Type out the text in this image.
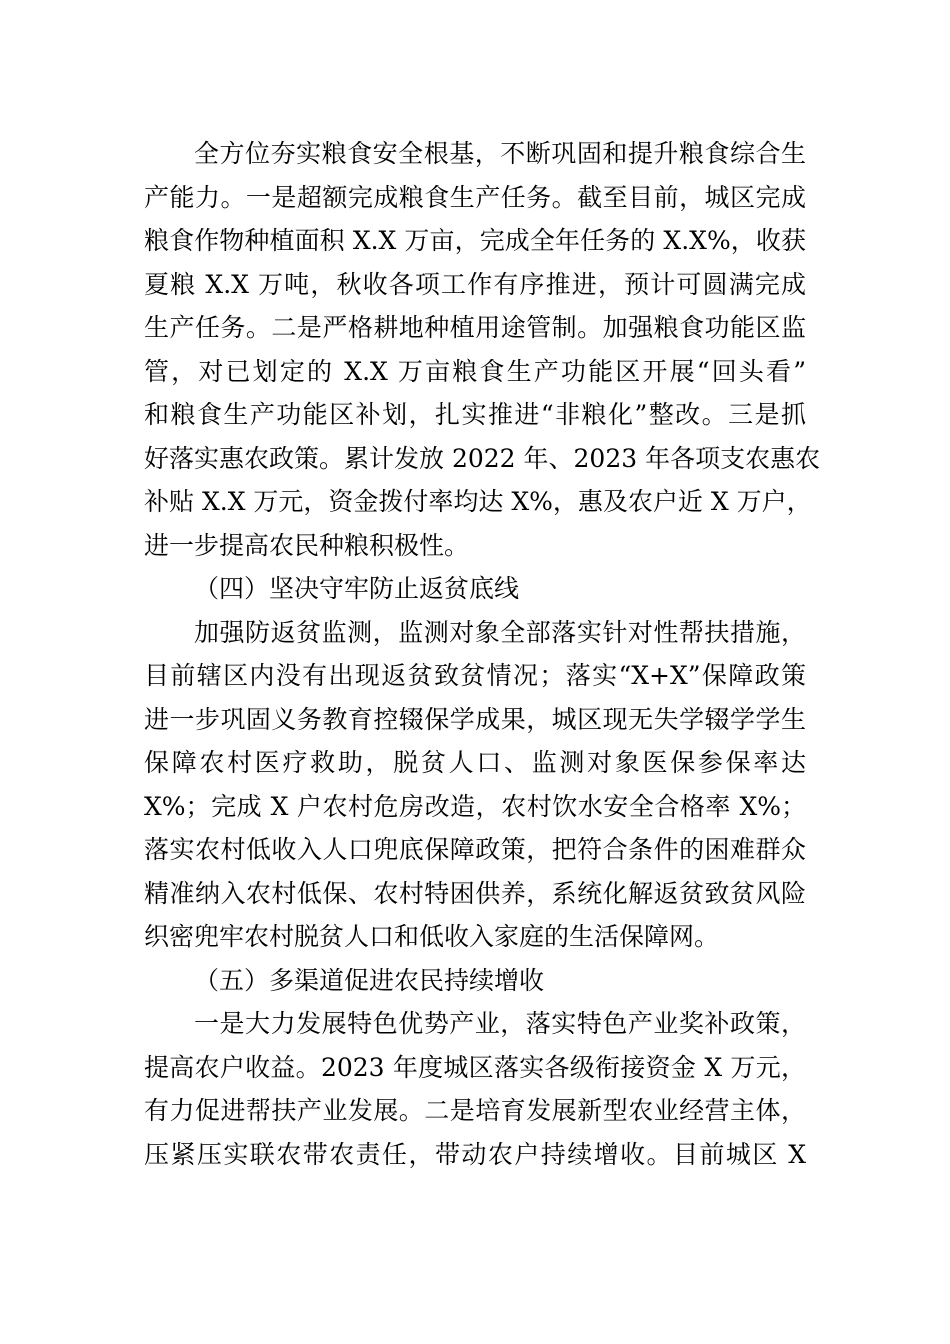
全方位夯实粮食安全根基，不断巩固和提升粮食综合生
产能力。一是超额完成粮食生产任务。截至目前，城区完成
粮食作物种植面积 X.X 万亩，完成全年任务的 X.X%，收获
夏粮 X.X 万吨，秋收各项工作有序推进，预计可圆满完成
生产任务。二是严格耕地种植用途管制。加强粮食功能区监
管，对已划定的 X.X 万亩粮食生产功能区开展“回头看”
和粮食生产功能区补划，扎实推进“非粮化”整改。三是抓
好落实惠农政策。累计发放 2022 年、2023 年各项支农惠农
补贴 X.X 万元，资金拨付率均达 X%，惠及农户近 X 万户，
进一步提高农民种粮积极性。
（四）坚决守牢防止返贫底线
加强防返贫监测，监测对象全部落实针对性帮扶措施，
目前辖区内没有出现返贫致贫情况；落实“X+X”保障政策
进一步巩固义务教育控辍保学成果，城区现无失学辍学学生
保障农村医疗救助，脱贫人口、监测对象医保参保率达
X%；完成 X 户农村危房改造，农村饮水安全合格率 X%；
落实农村低收入人口兜底保障政策，把符合条件的困难群众
精准纳入农村低保、农村特困供养，系统化解返贫致贫风险
织密兜牢农村脱贫人口和低收入家庭的生活保障网。
（五）多渠道促进农民持续增收
一是大力发展特色优势产业，落实特色产业奖补政策，
提高农户收益。2023 年度城区落实各级衔接资金 X 万元，
有力促进帮扶产业发展。二是培育发展新型农业经营主体，
压紧压实联农带农责任，带动农户持续增收。目前城区 X
